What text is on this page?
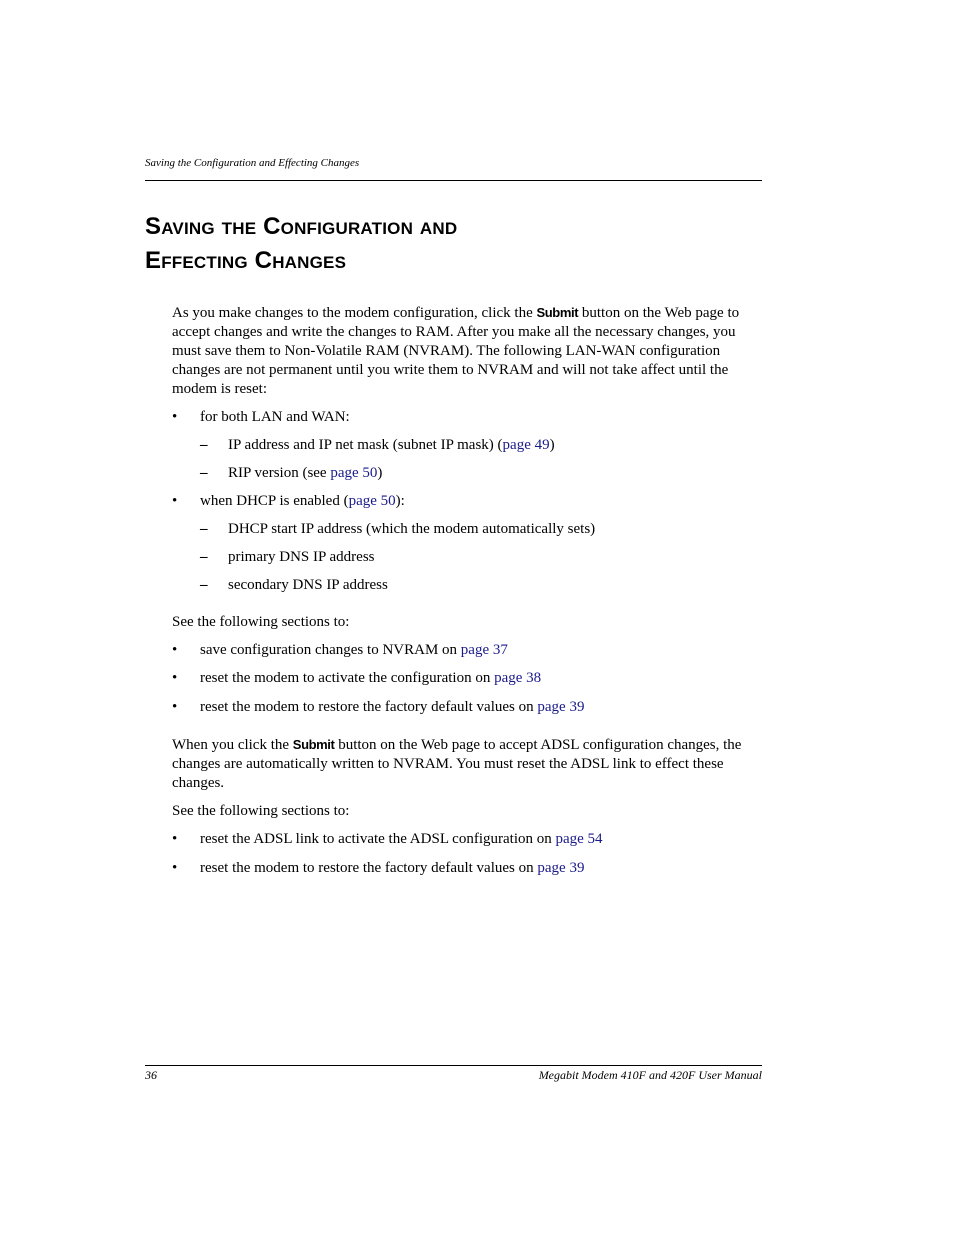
Saving the Configuration and Effecting Changes
Saving the Configuration and
Effecting Changes

As you make changes to the modem configuration, click the Submit button on the Web page to accept changes and write the changes to RAM. After you make all the necessary changes, you must save them to Non-Volatile RAM (NVRAM). The following LAN-WAN configuration changes are not permanent until you write them to NVRAM and will not take affect until the modem is reset:

• for both LAN and WAN:
– IP address and IP net mask (subnet IP mask) (page 49)
– RIP version (see page 50)
• when DHCP is enabled (page 50):
– DHCP start IP address (which the modem automatically sets)
– primary DNS IP address
– secondary DNS IP address

See the following sections to:

• save configuration changes to NVRAM on page 37
• reset the modem to activate the configuration on page 38
• reset the modem to restore the factory default values on page 39

When you click the Submit button on the Web page to accept ADSL configuration changes, the changes are automatically written to NVRAM. You must reset the ADSL link to effect these changes.

See the following sections to:

• reset the ADSL link to activate the ADSL configuration on page 54
• reset the modem to restore the factory default values on page 39
36	Megabit Modem 410F and 420F User Manual
